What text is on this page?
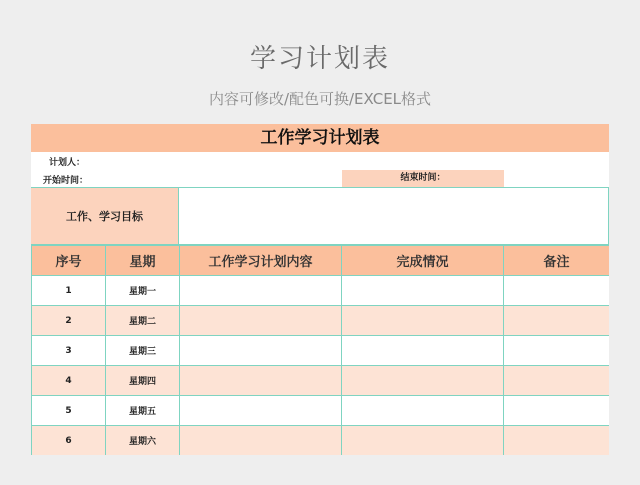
学习计划表
内容可修改/配色可换/EXCEL格式
工作学习计划表
计划人：
开始时间：	结束时间：
工作、学习目标
序号	星期	工作学习计划内容	完成情况	备注
1	星期一			
2	星期二			
3	星期三			
4	星期四			
5	星期五			
6	星期六			
